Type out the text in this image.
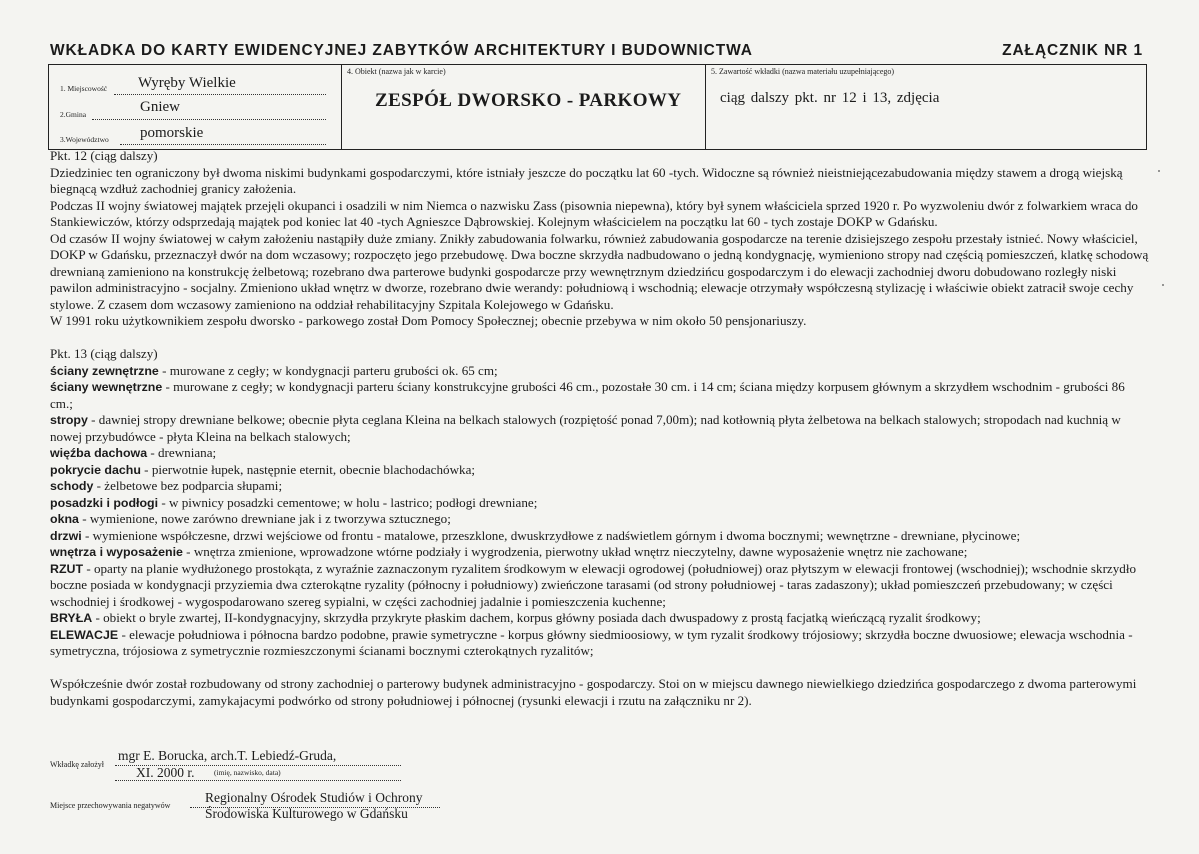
WKŁADKA DO KARTY EWIDENCYJNEJ ZABYTKÓW ARCHITEKTURY I BUDOWNICTWA	ZAŁĄCZNIK NR 1
1. Miejscowość Wyręby Wielkie
2.Gmina	Gniew
3.Województwo pomorskie
4. Obiekt (nazwa jak w karcie)
ZESPÓŁ DWORSKO - PARKOWY
5. Zawartość wkładki (nazwa materiału uzupełniającego)
ciąg dalszy pkt. nr 12 i 13, zdjęcia

Pkt. 12 (ciąg dalszy)

Dziedziniec ten ograniczony był dwoma niskimi budynkami gospodarczymi, które istniały jeszcze do początku lat 60 -tych. Widoczne są również nieistniejącezabudowania między stawem a drogą wiejską biegnącą wzdłuż zachodniej granicy założenia.

Podczas II wojny światowej majątek przejęli okupanci i osadzili w nim Niemca o nazwisku Zass (pisownia niepewna), który był synem właściciela sprzed 1920 r. Po wyzwoleniu dwór z folwarkiem wraca do Stankiewiczów, którzy odsprzedają majątek pod koniec lat 40 -tych Agnieszce Dąbrowskiej. Kolejnym właścicielem na początku lat 60 - tych zostaje DOKP w Gdańsku.

Od czasów II wojny światowej w całym założeniu nastąpiły duże zmiany. Znikły zabudowania folwarku, również zabudowania gospodarcze na terenie dzisiejszego zespołu przestały istnieć. Nowy właściciel, DOKP w Gdańsku, przeznaczył dwór na dom wczasowy; rozpoczęto jego przebudowę. Dwa boczne skrzydła nadbudowano o jedną kondygnację, wymieniono stropy nad częścią pomieszczeń, klatkę schodową drewnianą zamieniono na konstrukcję żelbetową; rozebrano dwa parterowe budynki gospodarcze przy wewnętrznym dziedzińcu gospodarczym i do elewacji zachodniej dworu dobudowano rozległy niski pawilon administracyjno - socjalny. Zmieniono układ wnętrz w dworze, rozebrano dwie werandy: południową i wschodnią; elewacje otrzymały współczesną stylizację i właściwie obiekt zatracił swoje cechy stylowe. Z czasem dom wczasowy zamieniono na oddział rehabilitacyjny Szpitala Kolejowego w Gdańsku.

W 1991 roku użytkownikiem zespołu dworsko - parkowego został Dom Pomocy Społecznej; obecnie przebywa w nim około 50 pensjonariuszy.

Pkt. 13 (ciąg dalszy)

ściany zewnętrzne - murowane z cegły; w kondygnacji parteru grubości ok. 65 cm;

ściany wewnętrzne - murowane z cegły; w kondygnacji parteru ściany konstrukcyjne grubości 46 cm., pozostałe 30 cm. i 14 cm; ściana między korpusem głównym a skrzydłem wschodnim - grubości 86 cm.;

stropy - dawniej stropy drewniane belkowe; obecnie płyta ceglana Kleina na belkach stalowych (rozpiętość ponad 7,00m); nad kotłownią płyta żelbetowa na belkach stalowych; stropodach nad kuchnią w nowej przybudówce - płyta Kleina na belkach stalowych;

więźba dachowa - drewniana;

pokrycie dachu - pierwotnie łupek, następnie eternit, obecnie blachodachówka;

schody - żelbetowe bez podparcia słupami;

posadzki i podłogi - w piwnicy posadzki cementowe; w holu - lastrico; podłogi drewniane;

okna - wymienione, nowe zarówno drewniane jak i z tworzywa sztucznego;

drzwi - wymienione współczesne, drzwi wejściowe od frontu - matalowe, przeszklone, dwuskrzydłowe z nadświetlem górnym i dwoma bocznymi; wewnętrzne - drewniane, płycinowe;

wnętrza i wyposażenie - wnętrza zmienione, wprowadzone wtórne podziały i wygrodzenia, pierwotny układ wnętrz nieczytelny, dawne wyposażenie wnętrz nie zachowane;

RZUT - oparty na planie wydłużonego prostokąta, z wyraźnie zaznaczonym ryzalitem środkowym w elewacji ogrodowej (południowej) oraz płytszym w elewacji frontowej (wschodniej); wschodnie skrzydło boczne posiada w kondygnacji przyziemia dwa czterokątne ryzality (północny i południowy) zwieńczone tarasami (od strony południowej - taras zadaszony); układ pomieszczeń przebudowany; w części wschodniej i środkowej - wygospodarowano szereg sypialni, w części zachodniej jadalnie i pomieszczenia kuchenne;

BRYŁA - obiekt o bryle zwartej, II-kondygnacyjny, skrzydła przykryte płaskim dachem, korpus główny posiada dach dwuspadowy z prostą facjatką wieńczącą ryzalit środkowy;

ELEWACJE - elewacje południowa i północna bardzo podobne, prawie symetryczne - korpus główny siedmioosiowy, w tym ryzalit środkowy trójosiowy; skrzydła boczne dwuosiowe; elewacja wschodnia - symetryczna, trójosiowa z symetrycznie rozmieszczonymi ścianami bocznymi czterokątnych ryzalitów;

Współcześnie dwór został rozbudowany od strony zachodniej o parterowy budynek administracyjno - gospodarczy. Stoi on w miejscu dawnego niewielkiego dziedzińca gospodarczego z dwoma parterowymi budynkami gospodarczymi, zamykajacymi podwórko od strony południowej i północnej (rysunki elewacji i rzutu na załączniku nr 2).

Wkładkę założył
mgr E. Borucka, arch.T. Lebiedź-Gruda,
XI. 2000 r.	(imię, nazwisko, data)
Miejsce przechowywania negatywów
Regionalny Ośrodek Studiów i Ochrony
Środowiska Kulturowego w Gdańsku
